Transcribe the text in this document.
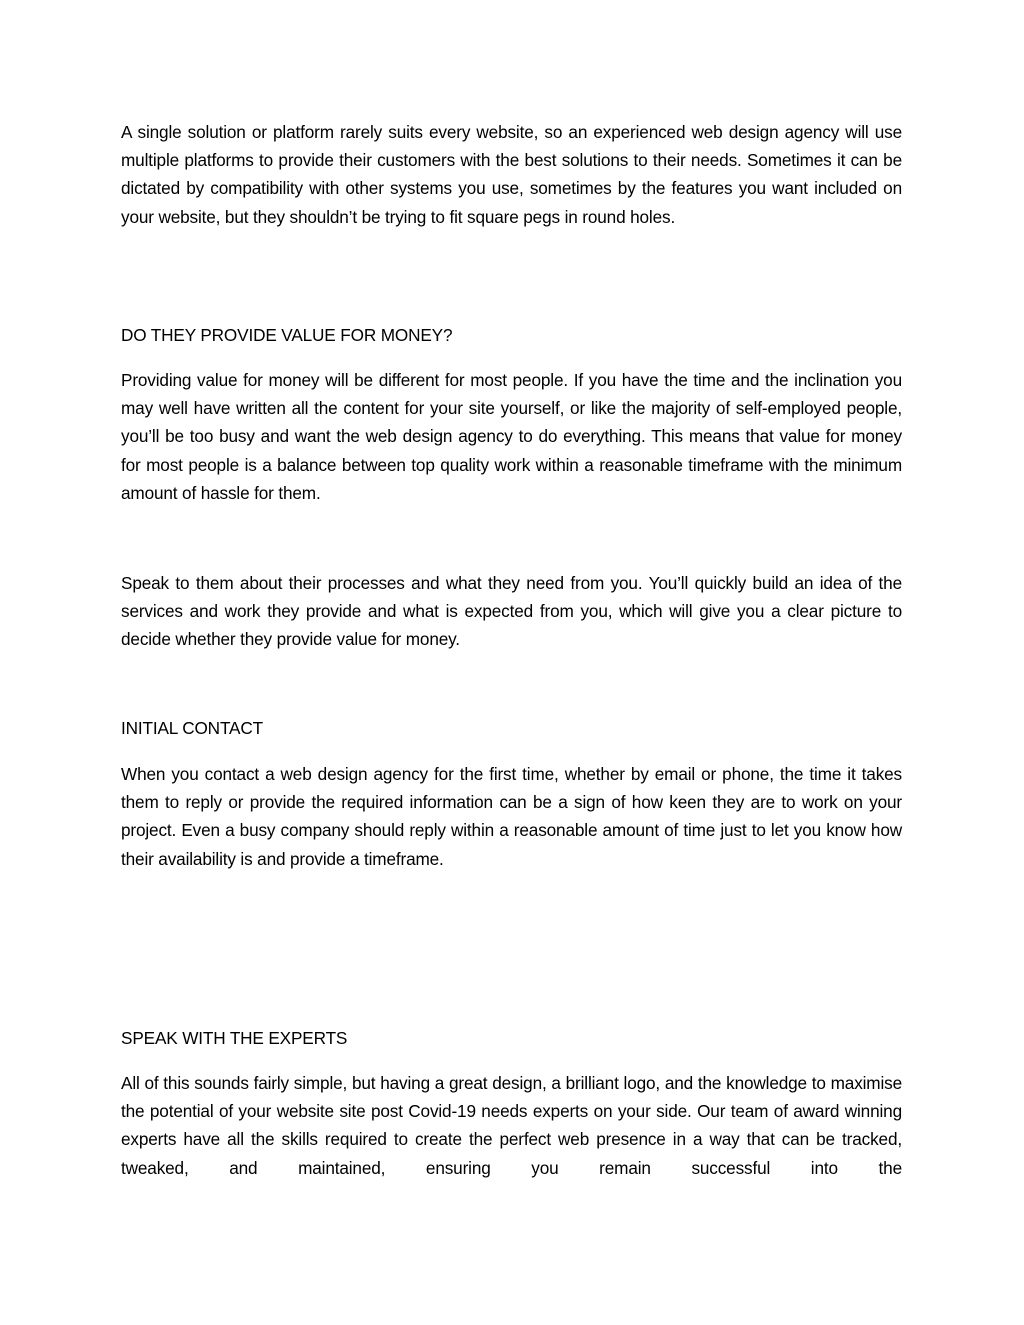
A single solution or platform rarely suits every website, so an experienced web design agency will use multiple platforms to provide their customers with the best solutions to their needs. Sometimes it can be dictated by compatibility with other systems you use, sometimes by the features you want included on your website, but they shouldn’t be trying to fit square pegs in round holes.

DO THEY PROVIDE VALUE FOR MONEY?

Providing value for money will be different for most people. If you have the time and the inclination you may well have written all the content for your site yourself, or like the majority of self-employed people, you’ll be too busy and want the web design agency to do everything. This means that value for money for most people is a balance between top quality work within a reasonable timeframe with the minimum amount of hassle for them.

Speak to them about their processes and what they need from you. You’ll quickly build an idea of the services and work they provide and what is expected from you, which will give you a clear picture to decide whether they provide value for money.

INITIAL CONTACT

When you contact a web design agency for the first time, whether by email or phone, the time it takes them to reply or provide the required information can be a sign of how keen they are to work on your project. Even a busy company should reply within a reasonable amount of time just to let you know how their availability is and provide a timeframe.

SPEAK WITH THE EXPERTS

All of this sounds fairly simple, but having a great design, a brilliant logo, and the knowledge to maximise the potential of your website site post Covid-19 needs experts on your side. Our team of award winning experts have all the skills required to create the perfect web presence in a way that can be tracked, tweaked, and maintained, ensuring you remain successful into the
